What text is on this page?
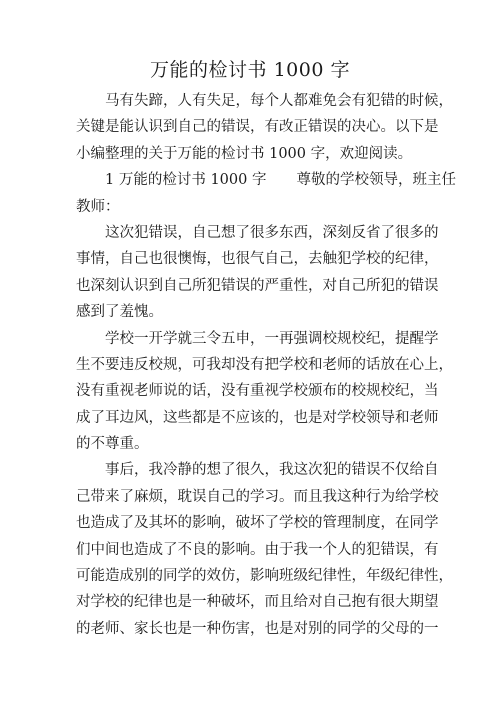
万能的检讨书 1000 字
马有失蹄，人有失足，每个人都难免会有犯错的时候，
关键是能认识到自己的错误，有改正错误的决心。以下是
小编整理的关于万能的检讨书 1000 字，欢迎阅读。
1 万能的检讨书 1000 字 尊敬的学校领导，班主任
教师：
这次犯错误，自己想了很多东西，深刻反省了很多的
事情，自己也很懊悔，也很气自己，去触犯学校的纪律，
也深刻认识到自己所犯错误的严重性，对自己所犯的错误
感到了羞愧。
学校一开学就三令五申，一再强调校规校纪，提醒学
生不要违反校规，可我却没有把学校和老师的话放在心上，
没有重视老师说的话，没有重视学校颁布的校规校纪，当
成了耳边风，这些都是不应该的，也是对学校领导和老师
的不尊重。
事后，我冷静的想了很久，我这次犯的错误不仅给自
己带来了麻烦，耽误自己的学习。而且我这种行为给学校
也造成了及其坏的影响，破坏了学校的管理制度，在同学
们中间也造成了不良的影响。由于我一个人的犯错误，有
可能造成别的同学的效仿，影响班级纪律性，年级纪律性，
对学校的纪律也是一种破坏，而且给对自己抱有很大期望
的老师、家长也是一种伤害，也是对别的同学的父母的一
